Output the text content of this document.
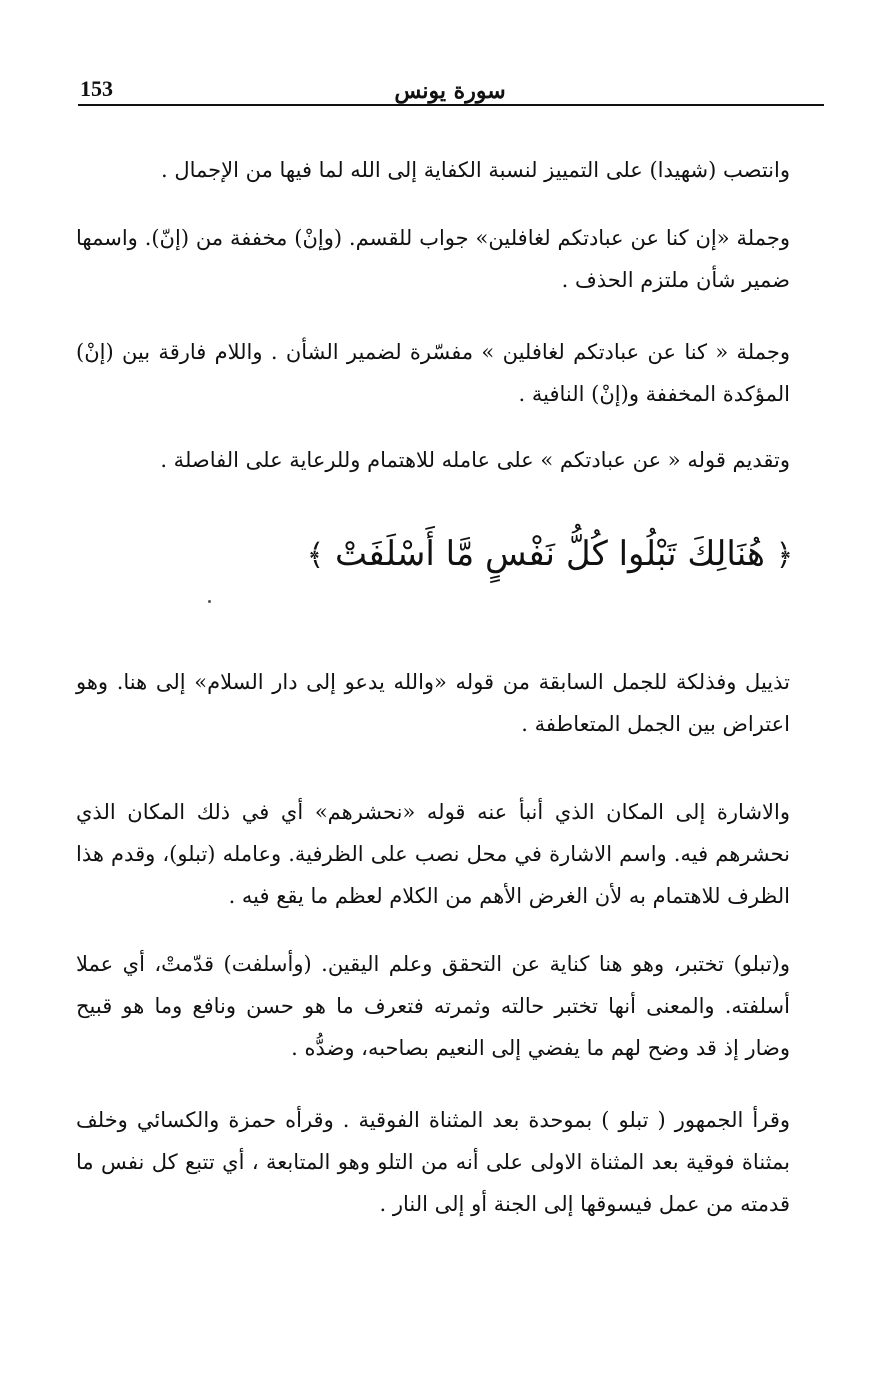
153	سورة يونس

وانتصب (شهيدا) على التمييز لنسبة الكفاية إلى الله لما فيها من الإجمال .

وجملة «إن كنا عن عبادتكم لغافلين» جواب للقسم. (وإنْ) مخففة من (إنّ). واسمها ضمير شأن ملتزم الحذف .

وجملة « كنا عن عبادتكم لغافلين » مفسّرة لضمير الشأن . واللام فارقة بين (إنْ) المؤكدة المخففة و(إنْ) النافية .

وتقديم قوله « عن عبادتكم » على عامله للاهتمام وللرعاية على الفاصلة .

﴿ هُنَالِكَ تَبْلُوا كُلُّ نَفْسٍ مَّا أَسْلَفَتْ ﴾

تذييل وفذلكة للجمل السابقة من قوله «والله يدعو إلى دار السلام» إلى هنا. وهو اعتراض بين الجمل المتعاطفة .

والاشارة إلى المكان الذي أنبأ عنه قوله «نحشرهم» أي في ذلك المكان الذي نحشرهم فيه. واسم الاشارة في محل نصب على الظرفية. وعامله (تبلو)، وقدم هذا الظرف للاهتمام به لأن الغرض الأهم من الكلام لعظم ما يقع فيه .

و(تبلو) تختبر، وهو هنا كناية عن التحقق وعلم اليقين. (وأسلفت) قدّمتْ، أي عملا أسلفته. والمعنى أنها تختبر حالته وثمرته فتعرف ما هو حسن ونافع وما هو قبيح وضار إذ قد وضح لهم ما يفضي إلى النعيم بصاحبه، وضدُّه .

وقرأ الجمهور ( تبلو ) بموحدة بعد المثناة الفوقية . وقرأه حمزة والكسائي وخلف بمثناة فوقية بعد المثناة الاولى على أنه من التلو وهو المتابعة ، أي تتبع كل نفس ما قدمته من عمل فيسوقها إلى الجنة أو إلى النار .
